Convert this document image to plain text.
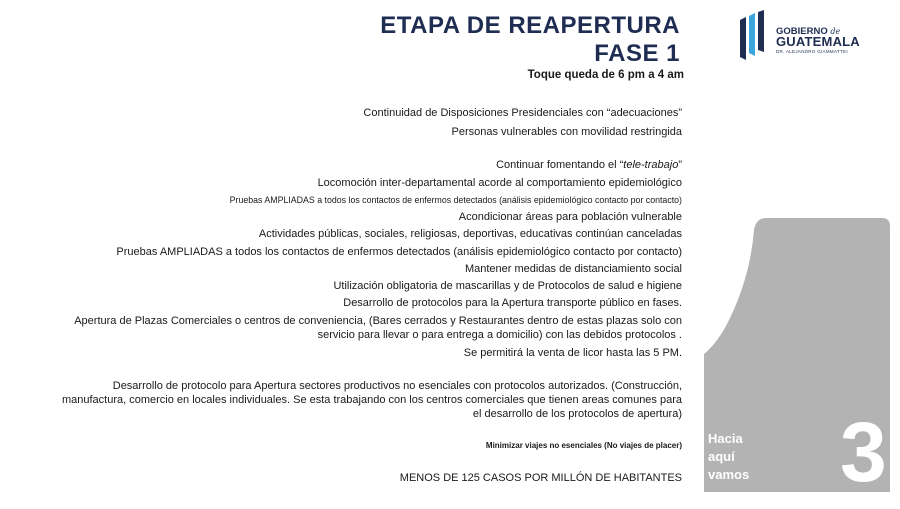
ETAPA DE REAPERTURA
FASE 1
Toque queda de 6 pm a 4 am
GOBIERNO de
GUATEMALA
DR. ALEJANDRO GIAMMATTEI
Continuidad de Disposiciones Presidenciales con “adecuaciones”
Personas vulnerables con movilidad restringida
Continuar fomentando el “tele-trabajo”
Locomoción inter-departamental acorde al comportamiento epidemiológico
Pruebas AMPLIADAS a todos los contactos de enfermos detectados (análisis epidemiológico contacto por contacto)
Acondicionar áreas para población vulnerable
Actividades públicas, sociales, religiosas, deportivas, educativas continúan canceladas
Pruebas AMPLIADAS a todos los contactos de enfermos detectados (análisis epidemiológico contacto por contacto)
Mantener medidas de distanciamiento social
Utilización obligatoria de mascarillas y de Protocolos de salud e higiene
Desarrollo de protocolos para la Apertura transporte público en fases.
Apertura de Plazas Comerciales o centros de conveniencia, (Bares cerrados y Restaurantes dentro de estas plazas solo con
servicio para llevar o para entrega a domicilio) con las debidos protocolos .
Se permitirá la venta de licor hasta las 5 PM.
Desarrollo de protocolo para Apertura sectores productivos no esenciales con protocolos autorizados. (Construcción,
manufactura, comercio en locales individuales. Se esta trabajando con los centros comerciales que tienen areas comunes para
el desarrollo de los protocolos de apertura)
Minimizar viajes no esenciales (No viajes de placer)
MENOS DE 125 CASOS POR MILLÓN DE HABITANTES
Hacia
aquí
vamos 3
